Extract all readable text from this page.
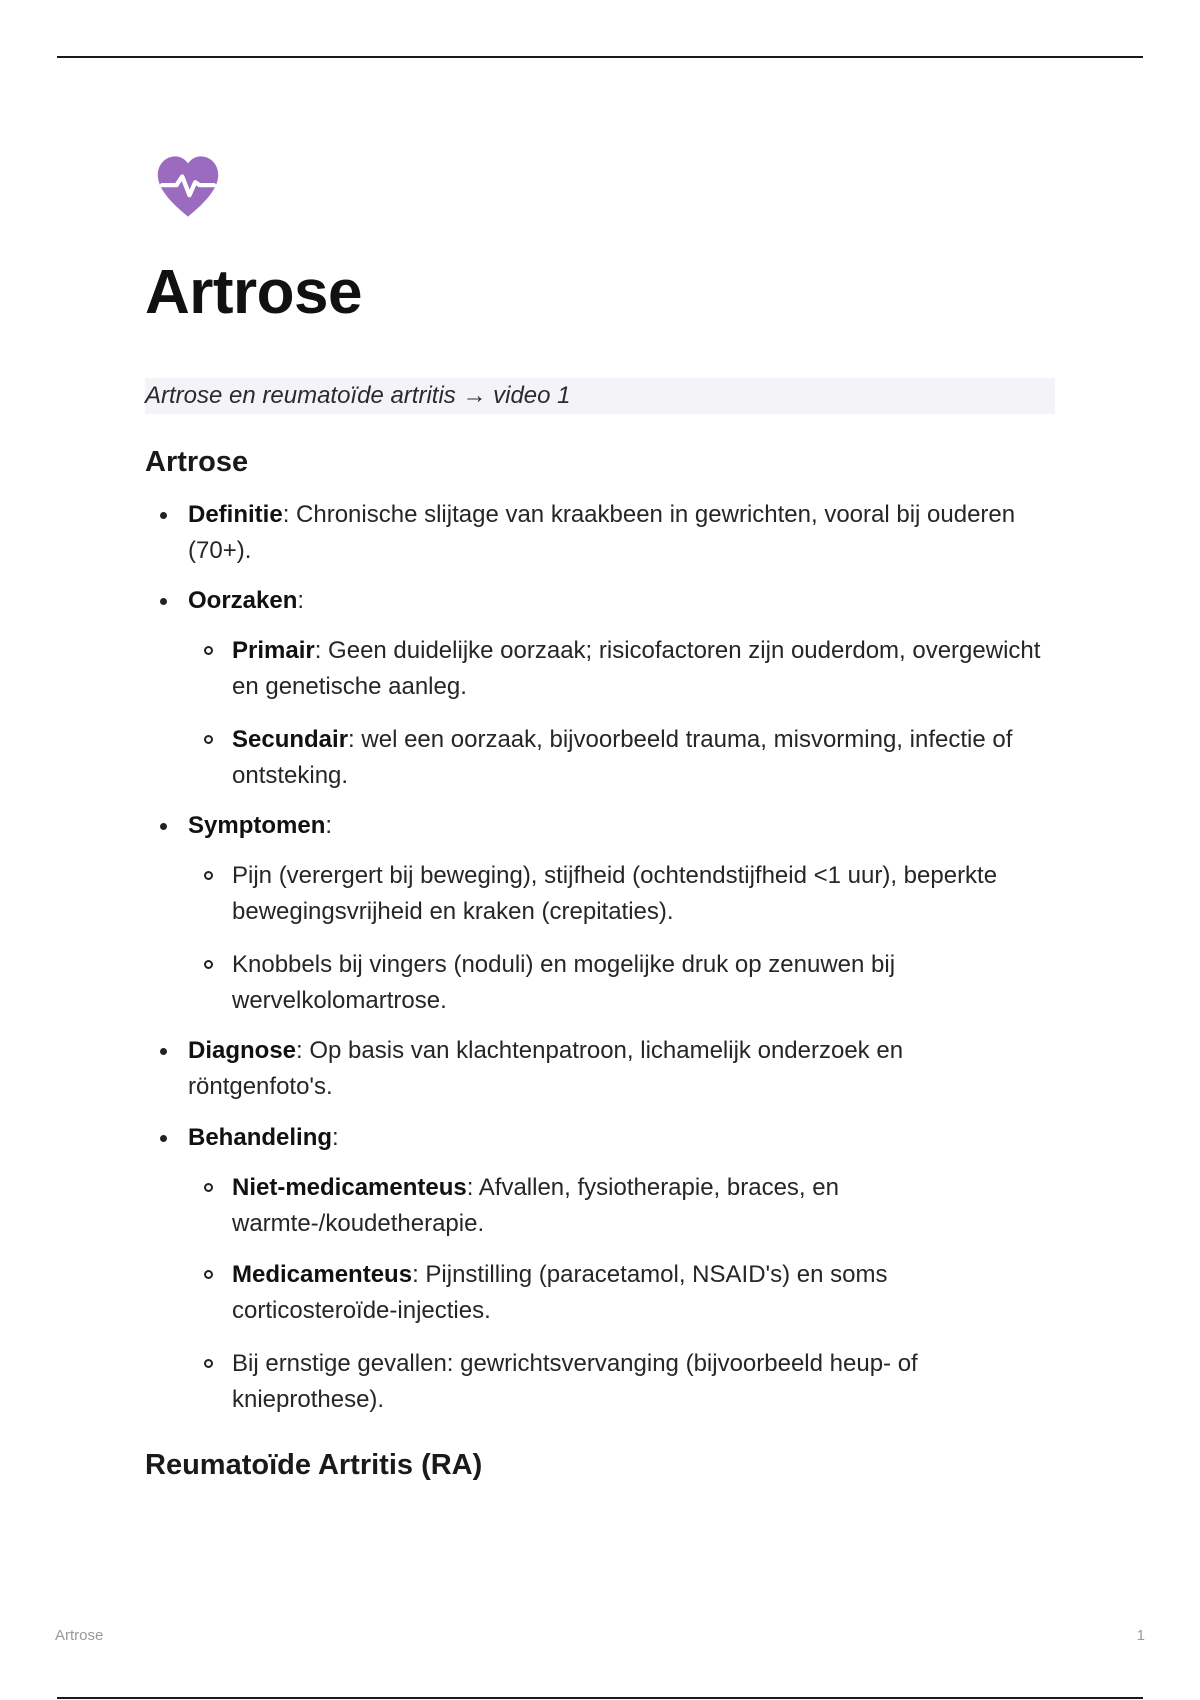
Artrose
Artrose en reumatoïde artritis → video 1
Artrose
Definitie: Chronische slijtage van kraakbeen in gewrichten, vooral bij ouderen (70+).
Oorzaken:
Primair: Geen duidelijke oorzaak; risicofactoren zijn ouderdom, overgewicht en genetische aanleg.
Secundair: wel een oorzaak, bijvoorbeeld trauma, misvorming, infectie of ontsteking.
Symptomen:
Pijn (verergert bij beweging), stijfheid (ochtendstijfheid <1 uur), beperkte bewegingsvrijheid en kraken (crepitaties).
Knobbels bij vingers (noduli) en mogelijke druk op zenuwen bij wervelkolomartrose.
Diagnose: Op basis van klachtenpatroon, lichamelijk onderzoek en röntgenfoto's.
Behandeling:
Niet-medicamenteus: Afvallen, fysiotherapie, braces, en warmte-/koudetherapie.
Medicamenteus: Pijnstilling (paracetamol, NSAID's) en soms corticosteroïde-injecties.
Bij ernstige gevallen: gewrichtsvervanging (bijvoorbeeld heup- of knieprothese).
Reumatoïde Artritis (RA)
Artrose	1
